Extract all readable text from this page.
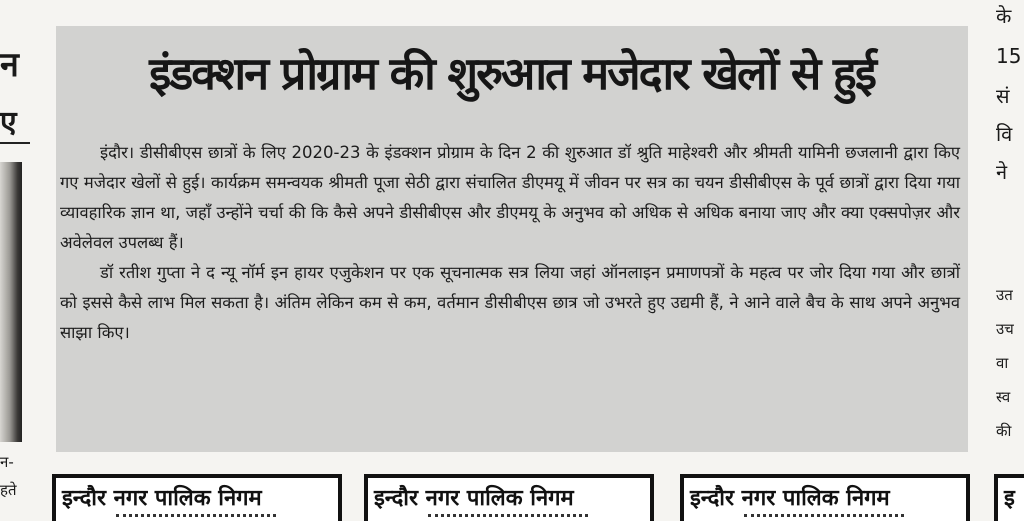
न
ए
न-
हते
इंडक्शन प्रोग्राम की शुरुआत मजेदार खेलों से हुई

इंदौर। डीसीबीएस छात्रों के लिए 2020-23 के इंडक्शन प्रोग्राम के दिन 2 की शुरुआत डॉ श्रुति माहेश्वरी और श्रीमती यामिनी छजलानी द्वारा किए गए मजेदार खेलों से हुई। कार्यक्रम समन्वयक श्रीमती पूजा सेठी द्वारा संचालित डीएमयू में जीवन पर सत्र का चयन डीसीबीएस के पूर्व छात्रों द्वारा दिया गया व्यावहारिक ज्ञान था, जहाँ उन्होंने चर्चा की कि कैसे अपने डीसीबीएस और डीएमयू के अनुभव को अधिक से अधिक बनाया जाए और क्या एक्सपोज़र और अवेलेवल उपलब्ध हैं।

डॉ रतीश गुप्ता ने द न्यू नॉर्म इन हायर एजुकेशन पर एक सूचनात्मक सत्र लिया जहां ऑनलाइन प्रमाणपत्रों के महत्व पर जोर दिया गया और छात्रों को इससे कैसे लाभ मिल सकता है। अंतिम लेकिन कम से कम, वर्तमान डीसीबीएस छात्र जो उभरते हुए उद्यमी हैं, ने आने वाले बैच के साथ अपने अनुभव साझा किए।

इन्दौर नगर पालिक निगम	इन्दौर नगर पालिक निगम	इन्दौर नगर पालिक निगम	इ
के
15
सं
वि
ने
उत
उच
वा
स्व
की
